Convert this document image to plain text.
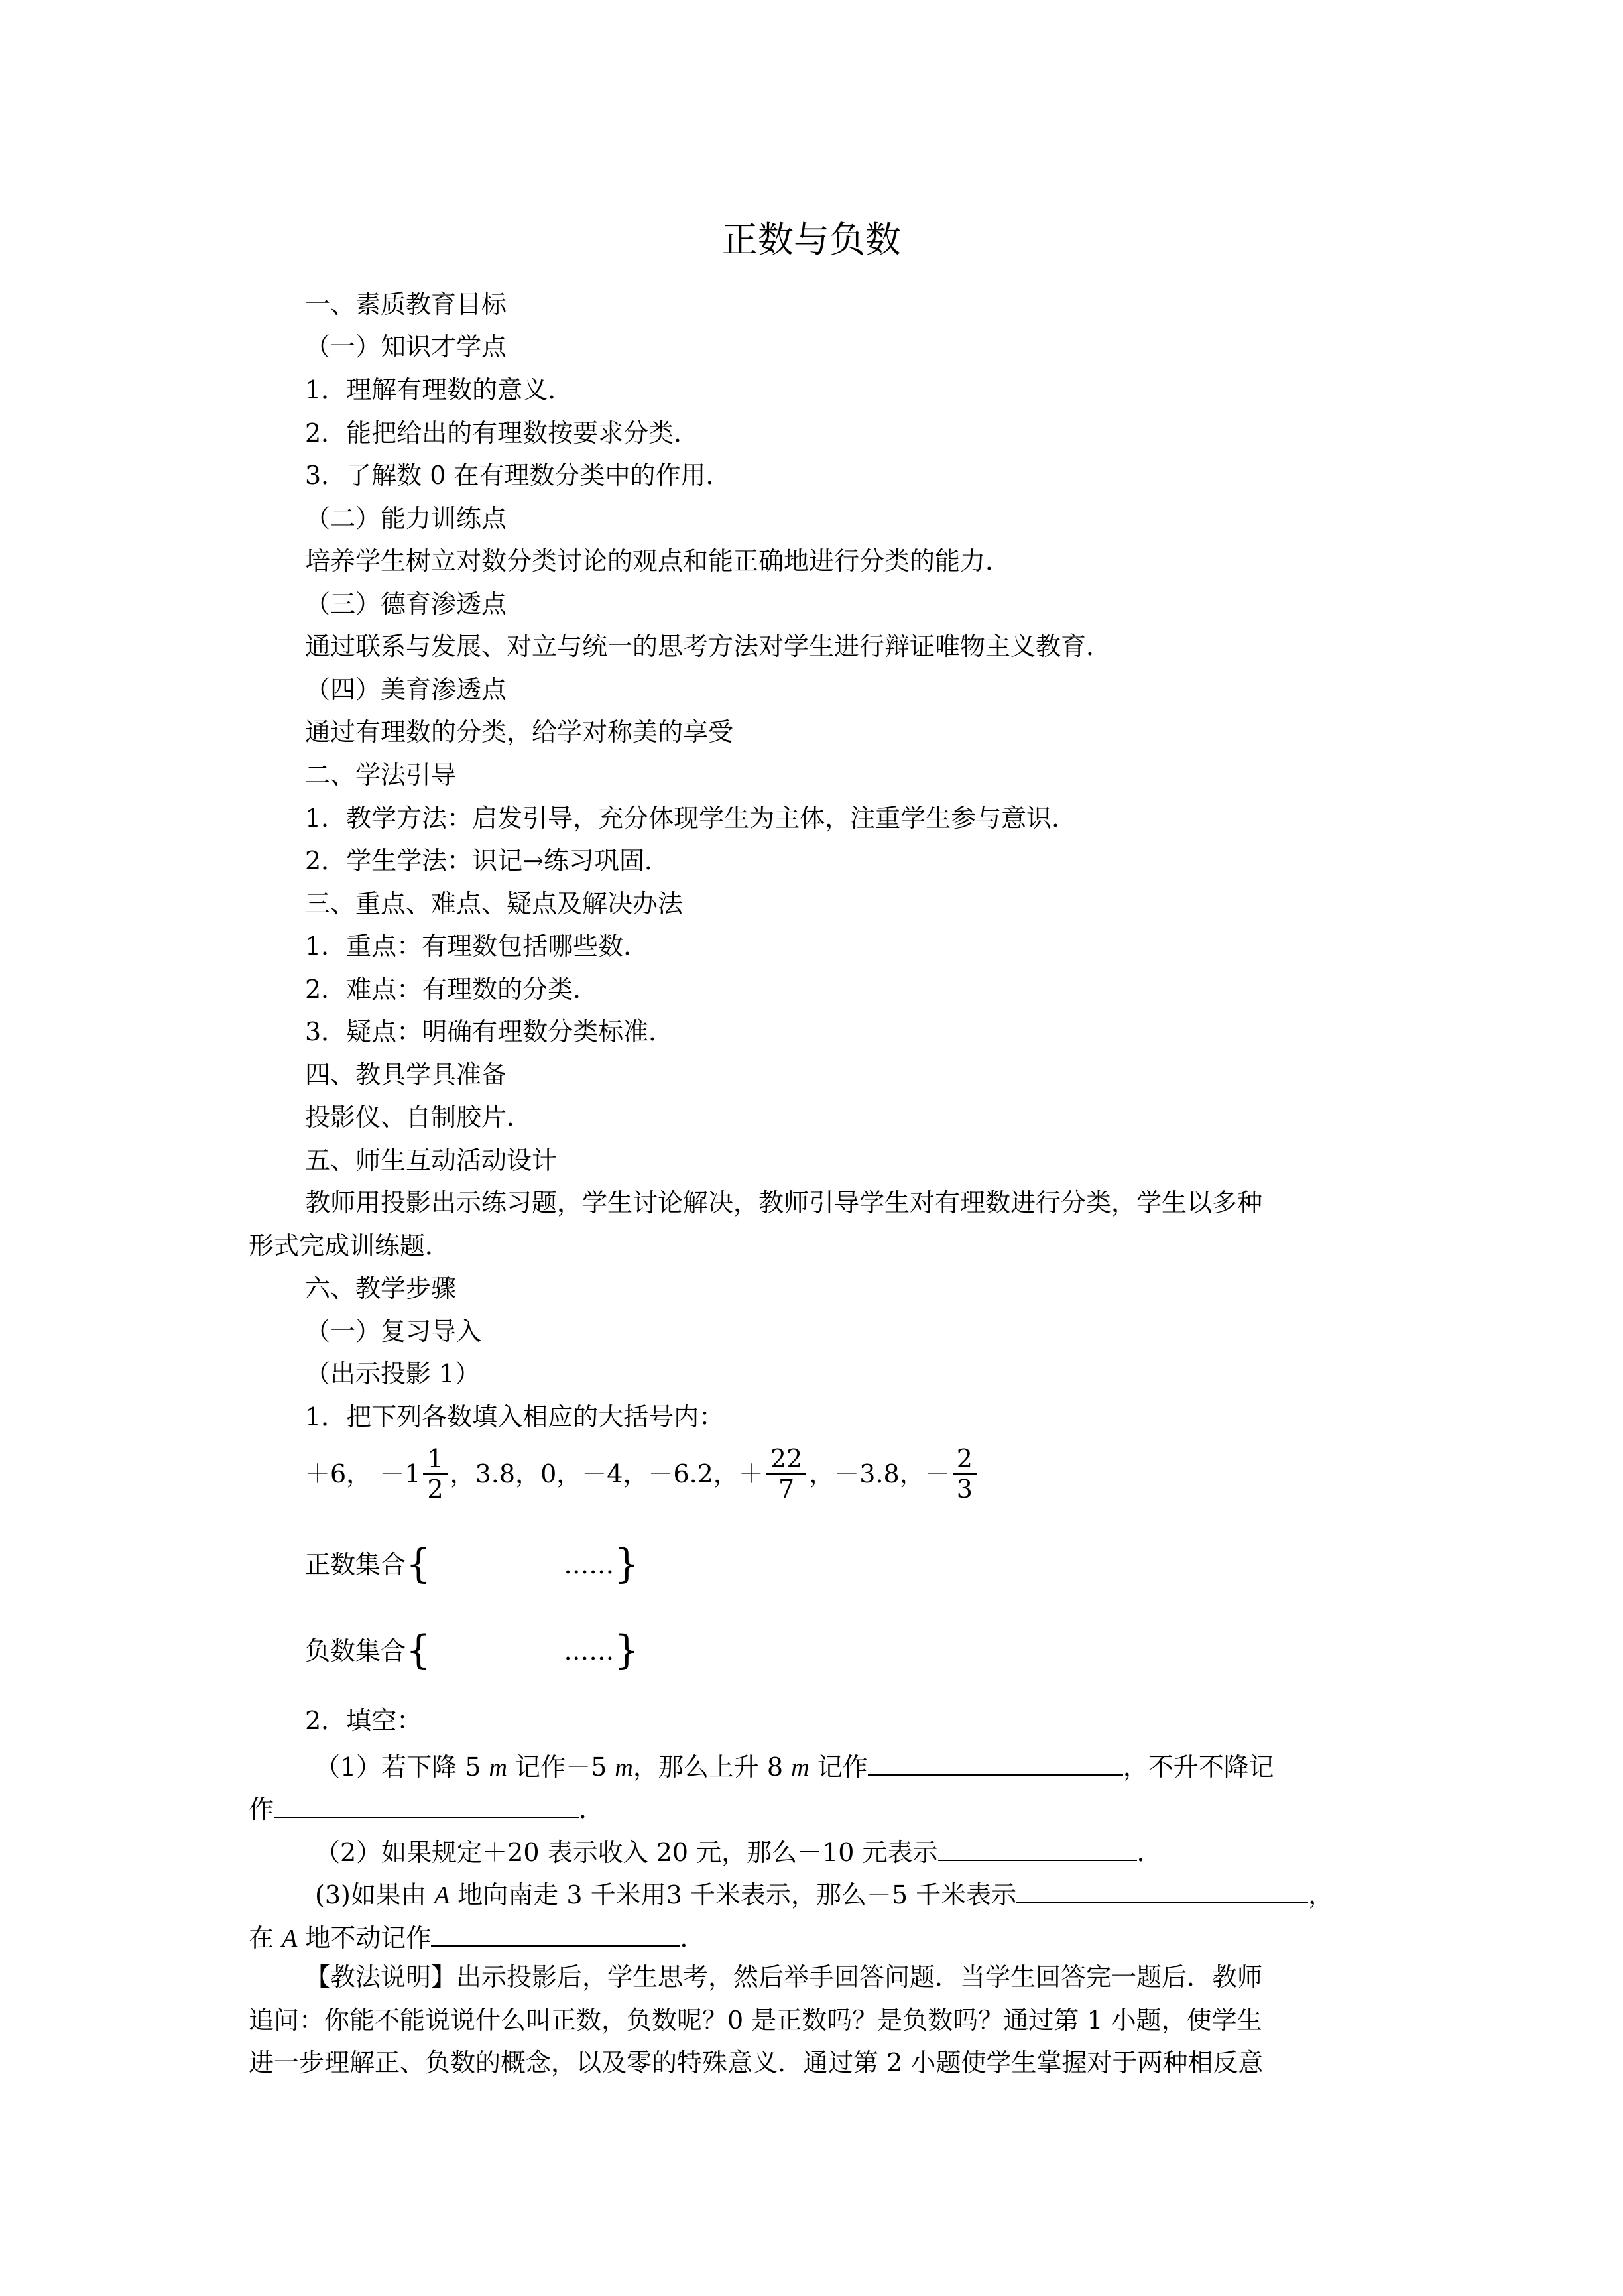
正数与负数
一、素质教育目标
（一）知识才学点
1．理解有理数的意义．
2．能把给出的有理数按要求分类．
3．了解数 0 在有理数分类中的作用．
（二）能力训练点
培养学生树立对数分类讨论的观点和能正确地进行分类的能力．
（三）德育渗透点
通过联系与发展、对立与统一的思考方法对学生进行辩证唯物主义教育．
（四）美育渗透点
通过有理数的分类，给学对称美的享受
二、学法引导
1．教学方法：启发引导，充分体现学生为主体，注重学生参与意识．
2．学生学法：识记→练习巩固．
三、重点、难点、疑点及解决办法
1．重点：有理数包括哪些数．
2．难点：有理数的分类．
3．疑点：明确有理数分类标准．
四、教具学具准备
投影仪、自制胶片．
五、师生互动活动设计
教师用投影出示练习题，学生讨论解决，教师引导学生对有理数进行分类，学生以多种
形式完成训练题．
六、教学步骤
（一）复习导入
（出示投影 1）
1．把下列各数填入相应的大括号内：
＋6， $-1 \frac{1}{2}$ ，3.8，0，－4，－6.2，＋ $\frac{22}{7}$ ，－3.8，－ $\frac{2}{3}$
正数集合{	……}
负数集合{	……}
2．填空：
（1）若下降 5 m 记作－5 m，那么上升 8 m 记作	，不升不降记
作	．
（2）如果规定＋20 表示收入 20 元，那么－10 元表示	．
(3)如果由 A 地向南走 3 千米用3 千米表示，那么－5 千米表示	，
在 A 地不动记作	．
【教法说明】出示投影后，学生思考，然后举手回答问题．当学生回答完一题后．教师
追问：你能不能说说什么叫正数，负数呢？0 是正数吗？是负数吗？通过第 1 小题，使学生
进一步理解正、负数的概念，以及零的特殊意义．通过第 2 小题使学生掌握对于两种相反意
